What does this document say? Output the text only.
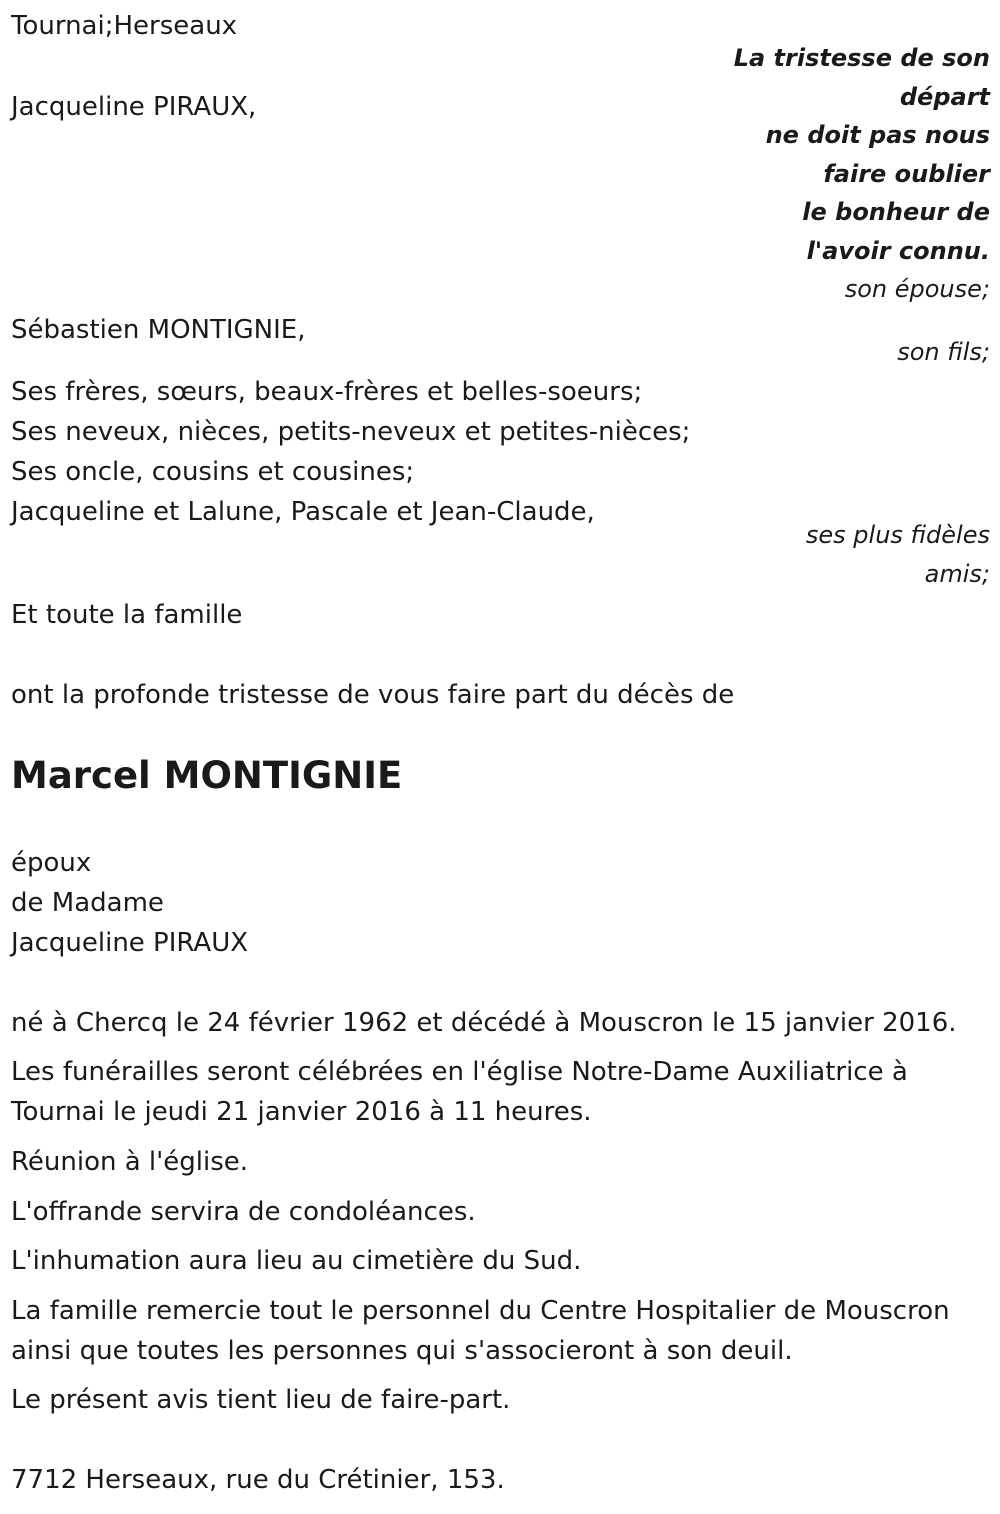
Tournai;Herseaux

La tristesse de son

départ

ne doit pas nous

faire oublier

le bonheur de

l'avoir connu.

Jacqueline PIRAUX,

son épouse;

Sébastien MONTIGNIE,

son fils;

Ses frères, sœurs, beaux-frères et belles-soeurs;
Ses neveux, nièces, petits-neveux et petites-nièces;
Ses oncle, cousins et cousines;
Jacqueline et Lalune, Pascale et Jean-Claude,

ses plus fidèles

amis;

Et toute la famille

ont la profonde tristesse de vous faire part du décès de

Marcel MONTIGNIE
époux
de Madame
Jacqueline PIRAUX

né à Chercq le 24 février 1962 et décédé à Mouscron le 15 janvier 2016.

Les funérailles seront célébrées en l'église Notre-Dame Auxiliatrice à
Tournai le jeudi 21 janvier 2016 à 11 heures.

Réunion à l'église.

L'offrande servira de condoléances.

L'inhumation aura lieu au cimetière du Sud.

La famille remercie tout le personnel du Centre Hospitalier de Mouscron
ainsi que toutes les personnes qui s'associeront à son deuil.

Le présent avis tient lieu de faire-part.

7712 Herseaux, rue du Crétinier, 153.
